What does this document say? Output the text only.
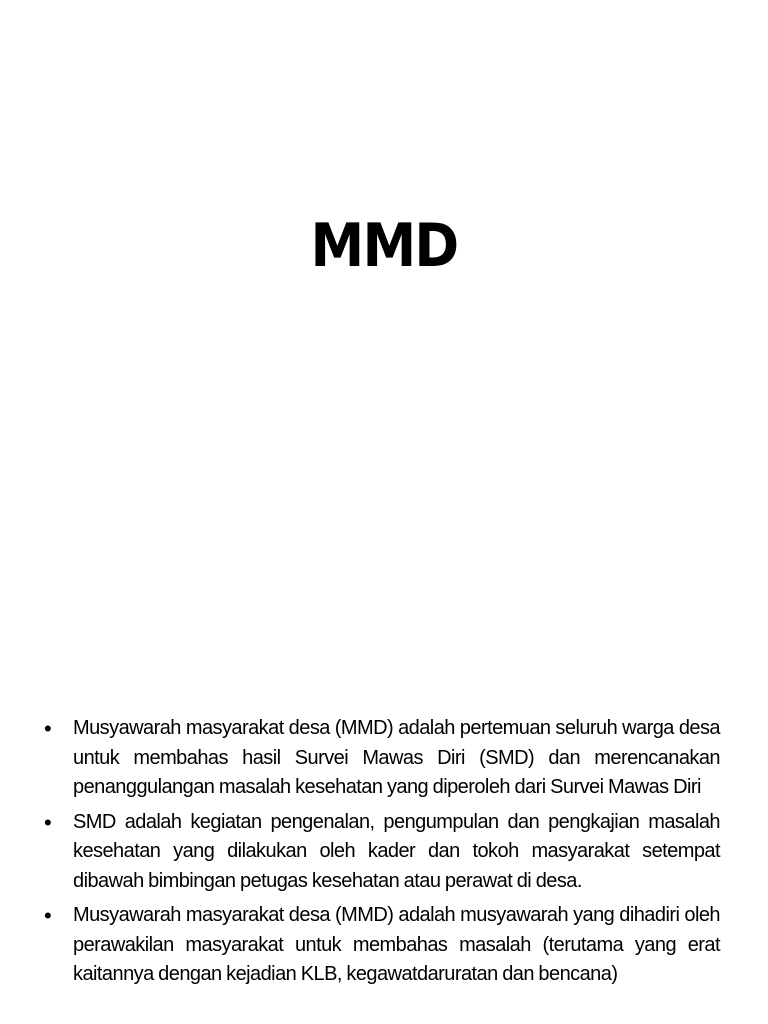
MMD
• Musyawarah masyarakat desa (MMD) adalah pertemuan seluruh warga desa untuk membahas hasil Survei Mawas Diri (SMD) dan merencanakan penanggulangan masalah kesehatan yang diperoleh dari Survei Mawas Diri
• SMD adalah kegiatan pengenalan, pengumpulan dan pengkajian masalah kesehatan yang dilakukan oleh kader dan tokoh masyarakat setempat dibawah bimbingan petugas kesehatan atau perawat di desa.
• Musyawarah masyarakat desa (MMD) adalah musyawarah yang dihadiri oleh perawakilan masyarakat untuk membahas masalah (terutama yang erat kaitannya dengan kejadian KLB, kegawatdaruratan dan bencana)
